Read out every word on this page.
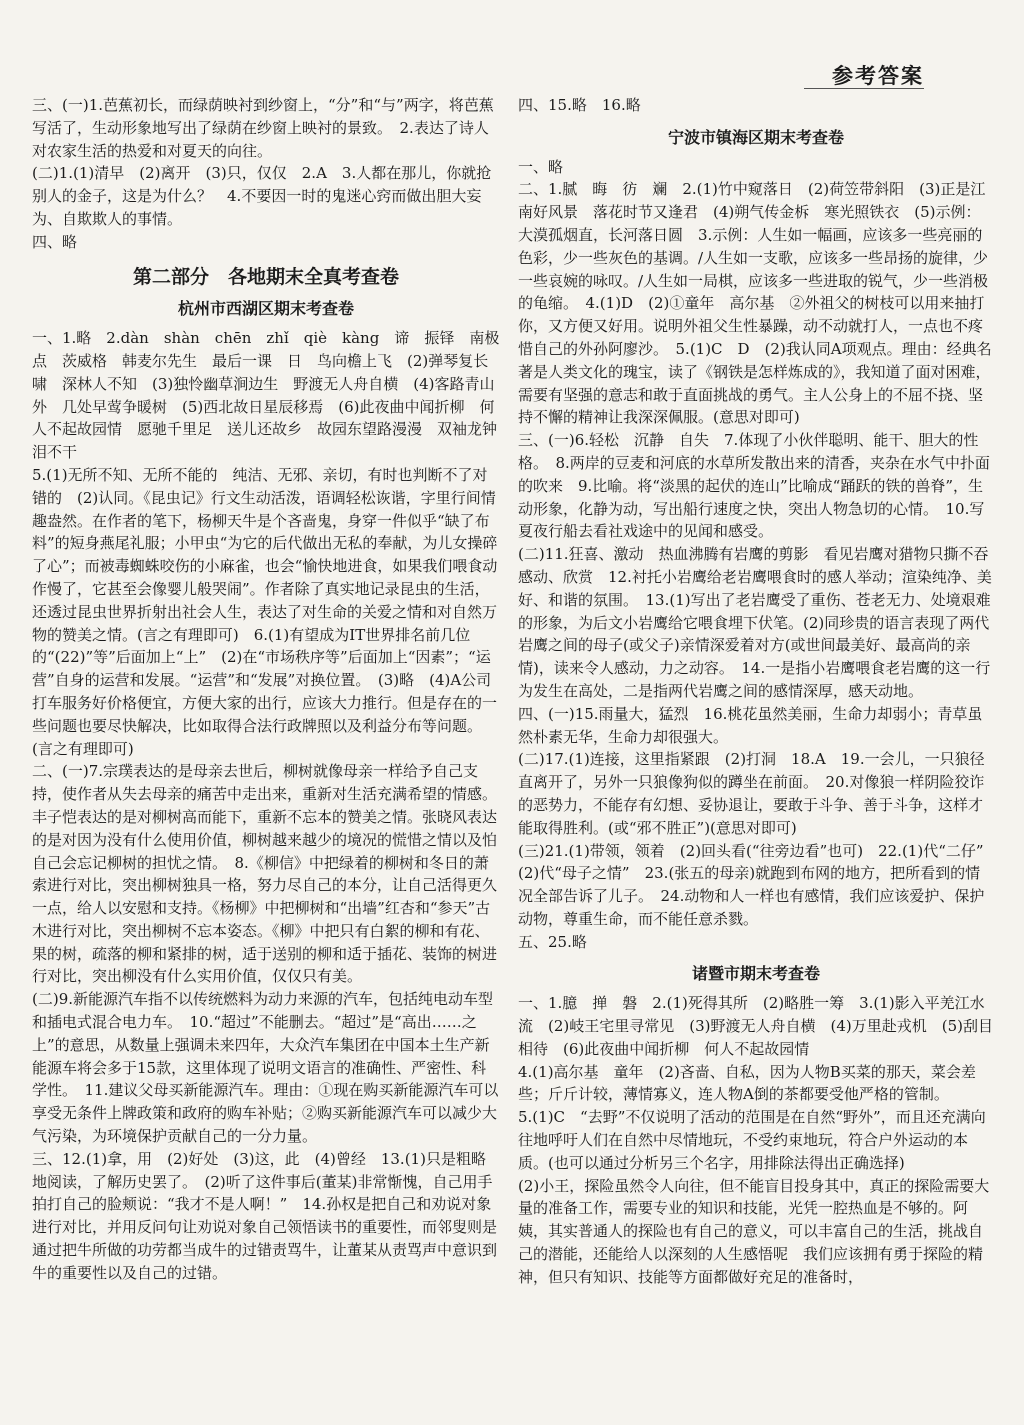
参考答案

三、(一)1.芭蕉初长，而绿荫映衬到纱窗上，“分”和“与”两字，将芭蕉写活了，生动形象地写出了绿荫在纱窗上映衬的景致。　2.表达了诗人对农家生活的热爱和对夏天的向往。

(二)1.(1)清早　(2)离开　(3)只，仅仅　2.A　3.人都在那儿，你就抢别人的金子，这是为什么？　4.不要因一时的鬼迷心窍而做出胆大妄为、自欺欺人的事情。

四、略

第二部分　各地期末全真考查卷
杭州市西湖区期末考查卷

一、1.略　2.dàn　shàn　chēn　zhǐ　qiè　kàng　谛　振铎　南极点　茨威格　韩麦尔先生　最后一课　日　鸟向檐上飞　(2)弹琴复长啸　深林人不知　(3)独怜幽草涧边生　野渡无人舟自横　(4)客路青山外　几处早莺争暖树　(5)西北故日星辰移焉　(6)此夜曲中闻折柳　何人不起故园情　愿驰千里足　送儿还故乡　故园东望路漫漫　双袖龙钟泪不干

5.(1)无所不知、无所不能的　纯洁、无邪、亲切，有时也判断不了对错的　(2)认同。《昆虫记》行文生动活泼，语调轻松诙谐，字里行间情趣盎然。在作者的笔下，杨柳天牛是个吝啬鬼，身穿一件似乎“缺了布料”的短身燕尾礼服；小甲虫“为它的后代做出无私的奉献，为儿女操碎了心”；而被毒蜘蛛咬伤的小麻雀，也会“愉快地进食，如果我们喂食动作慢了，它甚至会像婴儿般哭闹”。作者除了真实地记录昆虫的生活，还透过昆虫世界折射出社会人生，表达了对生命的关爱之情和对自然万物的赞美之情。(言之有理即可)　6.(1)有望成为IT世界排名前几位的“(22)”等”后面加上“上”　(2)在“市场秩序等”后面加上“因素”；“运营”自身的运营和发展。“运营”和“发展”对换位置。　(3)略　(4)A公司打车服务好价格便宜，方便大家的出行，应该大力推行。但是存在的一些问题也要尽快解决，比如取得合法行政牌照以及利益分布等问题。(言之有理即可)

二、(一)7.宗璞表达的是母亲去世后，柳树就像母亲一样给予自己支持，使作者从失去母亲的痛苦中走出来，重新对生活充满希望的情感。丰子恺表达的是对柳树高而能下，重新不忘本的赞美之情。张晓风表达的是对因为没有什么使用价值，柳树越来越少的境况的慌惜之情以及怕自己会忘记柳树的担忧之情。　8.《柳信》中把绿着的柳树和冬日的萧索进行对比，突出柳树独具一格，努力尽自己的本分，让自己活得更久一点，给人以安慰和支持。《杨柳》中把柳树和“出墙”红杏和“参天”古木进行对比，突出柳树不忘本姿态。《柳》中把只有白絮的柳和有花、果的树，疏落的柳和紧排的树，适于送别的柳和适于插花、装饰的树进行对比，突出柳没有什么实用价值，仅仅只有美。

(二)9.新能源汽车指不以传统燃料为动力来源的汽车，包括纯电动车型和插电式混合电力车。　10.“超过”不能删去。“超过”是“高出……之上”的意思，从数量上强调未来四年，大众汽车集团在中国本土生产新能源车将会多于15款，这里体现了说明文语言的准确性、严密性、科学性。　11.建议父母买新能源汽车。理由：①现在购买新能源汽车可以享受无条件上牌政策和政府的购车补贴；②购买新能源汽车可以减少大气污染，为环境保护贡献自己的一分力量。

三、12.(1)拿，用　(2)好处　(3)这，此　(4)曾经　13.(1)只是粗略地阅读，了解历史罢了。　(2)听了这件事后(董某)非常惭愧，自己用手拍打自己的脸颊说：“我才不是人啊！”　14.孙权是把自己和劝说对象进行对比，并用反问句让劝说对象自己领悟读书的重要性，而邻叟则是通过把牛所做的功劳都当成牛的过错责骂牛，让董某从责骂声中意识到牛的重要性以及自己的过错。

四、15.略　16.略

宁波市镇海区期末考查卷

一、略

二、1.腻　晦　彷　斓　2.(1)竹中窥落日　(2)荷笠带斜阳　(3)正是江南好风景　落花时节又逢君　(4)朔气传金柝　寒光照铁衣　(5)示例：大漠孤烟直，长河落日圆　3.示例：人生如一幅画，应该多一些亮丽的色彩，少一些灰色的基调。/人生如一支歌，应该多一些昂扬的旋律，少一些哀婉的咏叹。/人生如一局棋，应该多一些进取的锐气，少一些消极的龟缩。　4.(1)D　(2)①童年　高尔基　②外祖父的树枝可以用来抽打你，又方便又好用。说明外祖父生性暴躁，动不动就打人，一点也不疼惜自己的外孙阿廖沙。　5.(1)C　D　(2)我认同A项观点。理由：经典名著是人类文化的瑰宝，读了《钢铁是怎样炼成的》，我知道了面对困难，需要有坚强的意志和敢于直面挑战的勇气。主人公身上的不屈不挠、坚持不懈的精神让我深深佩服。(意思对即可)

三、(一)6.轻松　沉静　自失　7.体现了小伙伴聪明、能干、胆大的性格。　8.两岸的豆麦和河底的水草所发散出来的清香，夹杂在水气中扑面的吹来　9.比喻。将“淡黑的起伏的连山”比喻成“踊跃的铁的兽脊”，生动形象，化静为动，写出船行速度之快，突出人物急切的心情。　10.写夏夜行船去看社戏途中的见闻和感受。

(二)11.狂喜、激动　热血沸腾有岩鹰的剪影　看见岩鹰对猎物只撕不吞　感动、欣赏　12.衬托小岩鹰给老岩鹰喂食时的感人举动；渲染纯净、美好、和谐的氛围。　13.(1)写出了老岩鹰受了重伤、苍老无力、处境艰难的形象，为后文小岩鹰给它喂食埋下伏笔。(2)同珍贵的语言表现了两代岩鹰之间的母子(或父子)亲情深爱着对方(或世间最美好、最高尚的亲情)，读来令人感动，力之动容。　14.一是指小岩鹰喂食老岩鹰的这一行为发生在高处，二是指两代岩鹰之间的感情深厚，感天动地。

四、(一)15.雨量大，猛烈　16.桃花虽然美丽，生命力却弱小；青草虽然朴素无华，生命力却很强大。

(二)17.(1)连接，这里指紧跟　(2)打洞　18.A　19.一会儿，一只狼径直离开了，另外一只狼像狗似的蹲坐在前面。　20.对像狼一样阴险狡诈的恶势力，不能存有幻想、妥协退让，要敢于斗争、善于斗争，这样才能取得胜利。(或“邪不胜正”)(意思对即可)

(三)21.(1)带领，领着　(2)回头看(“往旁边看”也可)　22.(1)代“二仔”　(2)代“母子之情”　23.(张五的母亲)就跑到布网的地方，把所看到的情况全部告诉了儿子。　24.动物和人一样也有感情，我们应该爱护、保护动物，尊重生命，而不能任意杀戮。

五、25.略

诸暨市期末考查卷

一、1.臆　掸　磐　2.(1)死得其所　(2)略胜一筹　3.(1)影入平羌江水流　(2)岐王宅里寻常见　(3)野渡无人舟自横　(4)万里赴戎机　(5)刮目相待　(6)此夜曲中闻折柳　何人不起故园情

4.(1)高尔基　童年　(2)吝啬、自私，因为人物B买菜的那天，菜会差些；斤斤计较，薄情寡义，连人物A倒的茶都要受他严格的管制。

5.(1)C　“去野”不仅说明了活动的范围是在自然“野外”，而且还充满向往地呼吁人们在自然中尽情地玩，不受约束地玩，符合户外运动的本质。(也可以通过分析另三个名字，用排除法得出正确选择)

(2)小王，探险虽然令人向往，但不能盲目投身其中，真正的探险需要大量的准备工作，需要专业的知识和技能，光凭一腔热血是不够的。阿姨，其实普通人的探险也有自己的意义，可以丰富自己的生活，挑战自己的潜能，还能给人以深刻的人生感悟呢　我们应该拥有勇于探险的精神，但只有知识、技能等方面都做好充足的准备时，
